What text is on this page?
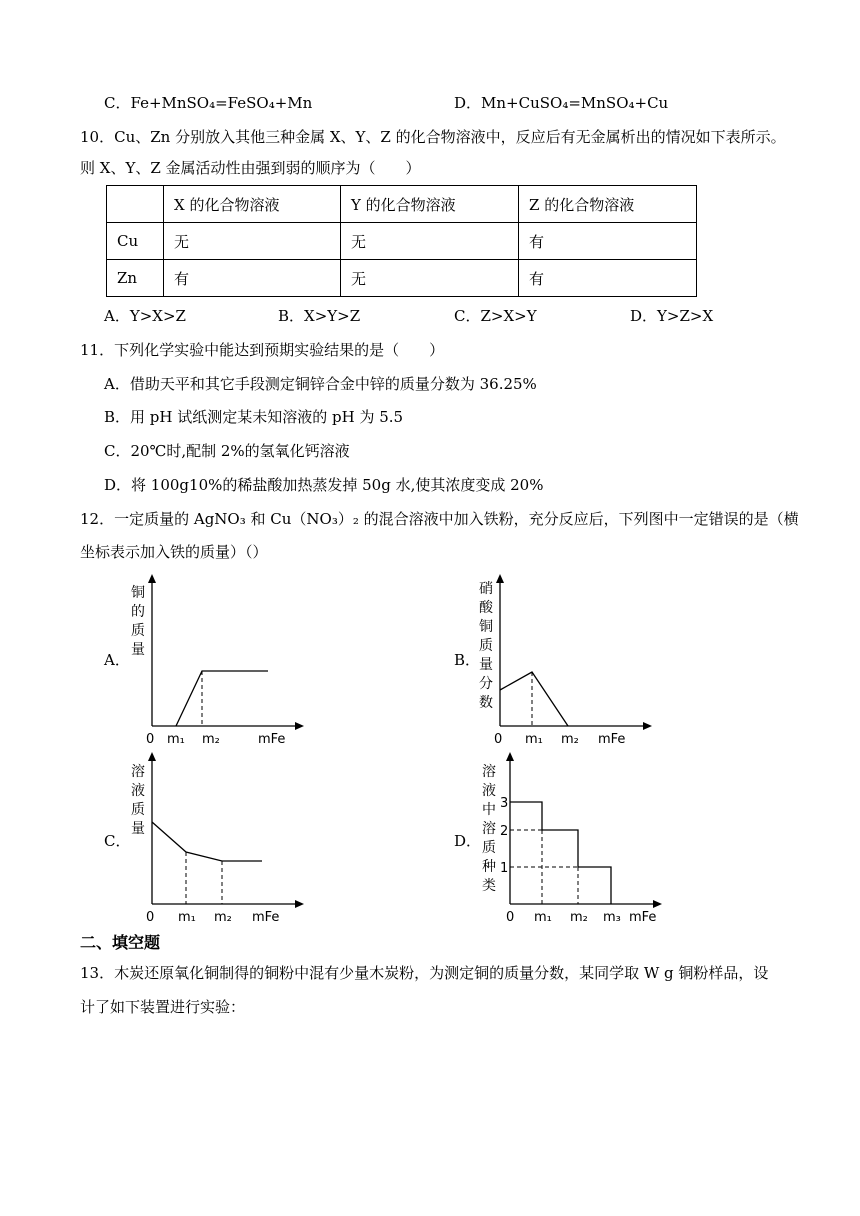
C．Fe+MnSO₄=FeSO₄+Mn	D．Mn+CuSO₄=MnSO₄+Cu
10．Cu、Zn 分别放入其他三种金属 X、Y、Z 的化合物溶液中，反应后有无金属析出的情况如下表所示。
则 X、Y、Z 金属活动性由强到弱的顺序为（　　）
	X 的化合物溶液	Y 的化合物溶液	Z 的化合物溶液
Cu	无	无	有
Zn	有	无	有
A．Y>X>Z	B．X>Y>Z	C．Z>X>Y	D．Y>Z>X
11．下列化学实验中能达到预期实验结果的是（　　）
A．借助天平和其它手段测定铜锌合金中锌的质量分数为 36.25%
B．用 pH 试纸测定某未知溶液的 pH 为 5.5
C．20℃时,配制 2%的氢氧化钙溶液
D．将 100g10%的稀盐酸加热蒸发掉 50g 水,使其浓度变成 20%
12．一定质量的 AgNO₃ 和 Cu（NO₃）₂ 的混合溶液中加入铁粉，充分反应后，下列图中一定错误的是（横
坐标表示加入铁的质量）（）
A．
铜的质量
0 m₁ m₂	mFe
B．
硝酸铜质量分数
0 m₁ m₂ mFe
C．
溶液质量
0 m₁ m₂ mFe
D．
溶液中溶质种类
3
2
1
0 m₁ m₂ m₃ mFe
二、填空题
13．木炭还原氧化铜制得的铜粉中混有少量木炭粉，为测定铜的质量分数，某同学取 W g 铜粉样品，设
计了如下装置进行实验：
